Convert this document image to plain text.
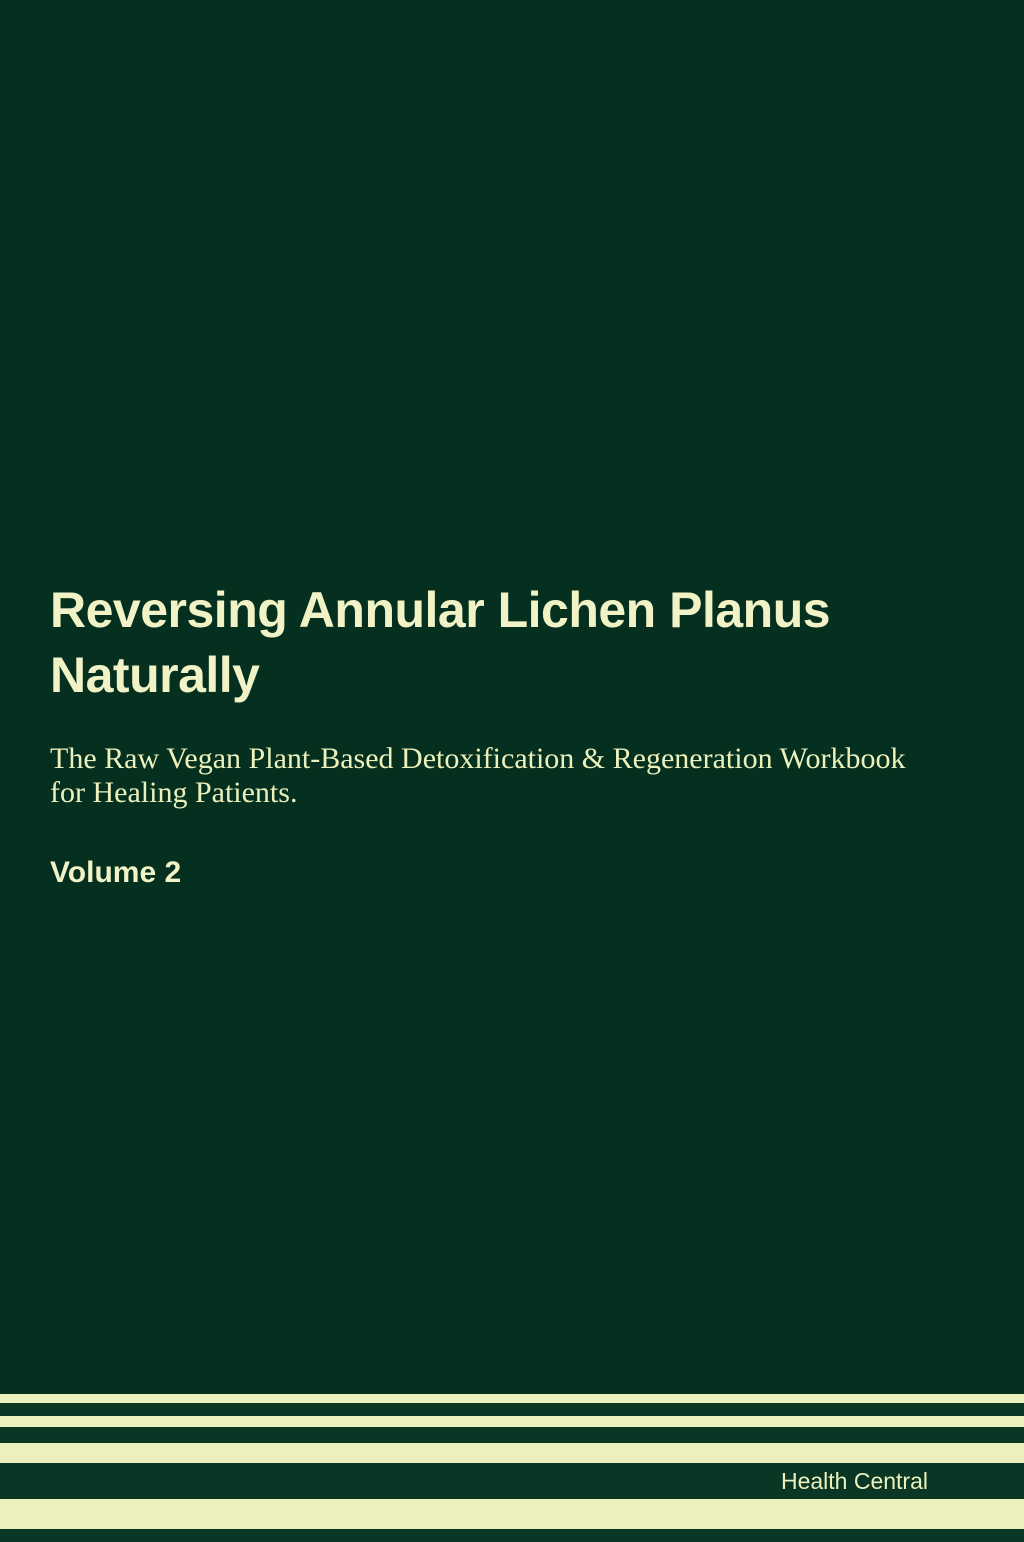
Reversing Annular Lichen Planus
Naturally

The Raw Vegan Plant-Based Detoxification & Regeneration Workbook for Healing Patients.

Volume 2

Health Central
